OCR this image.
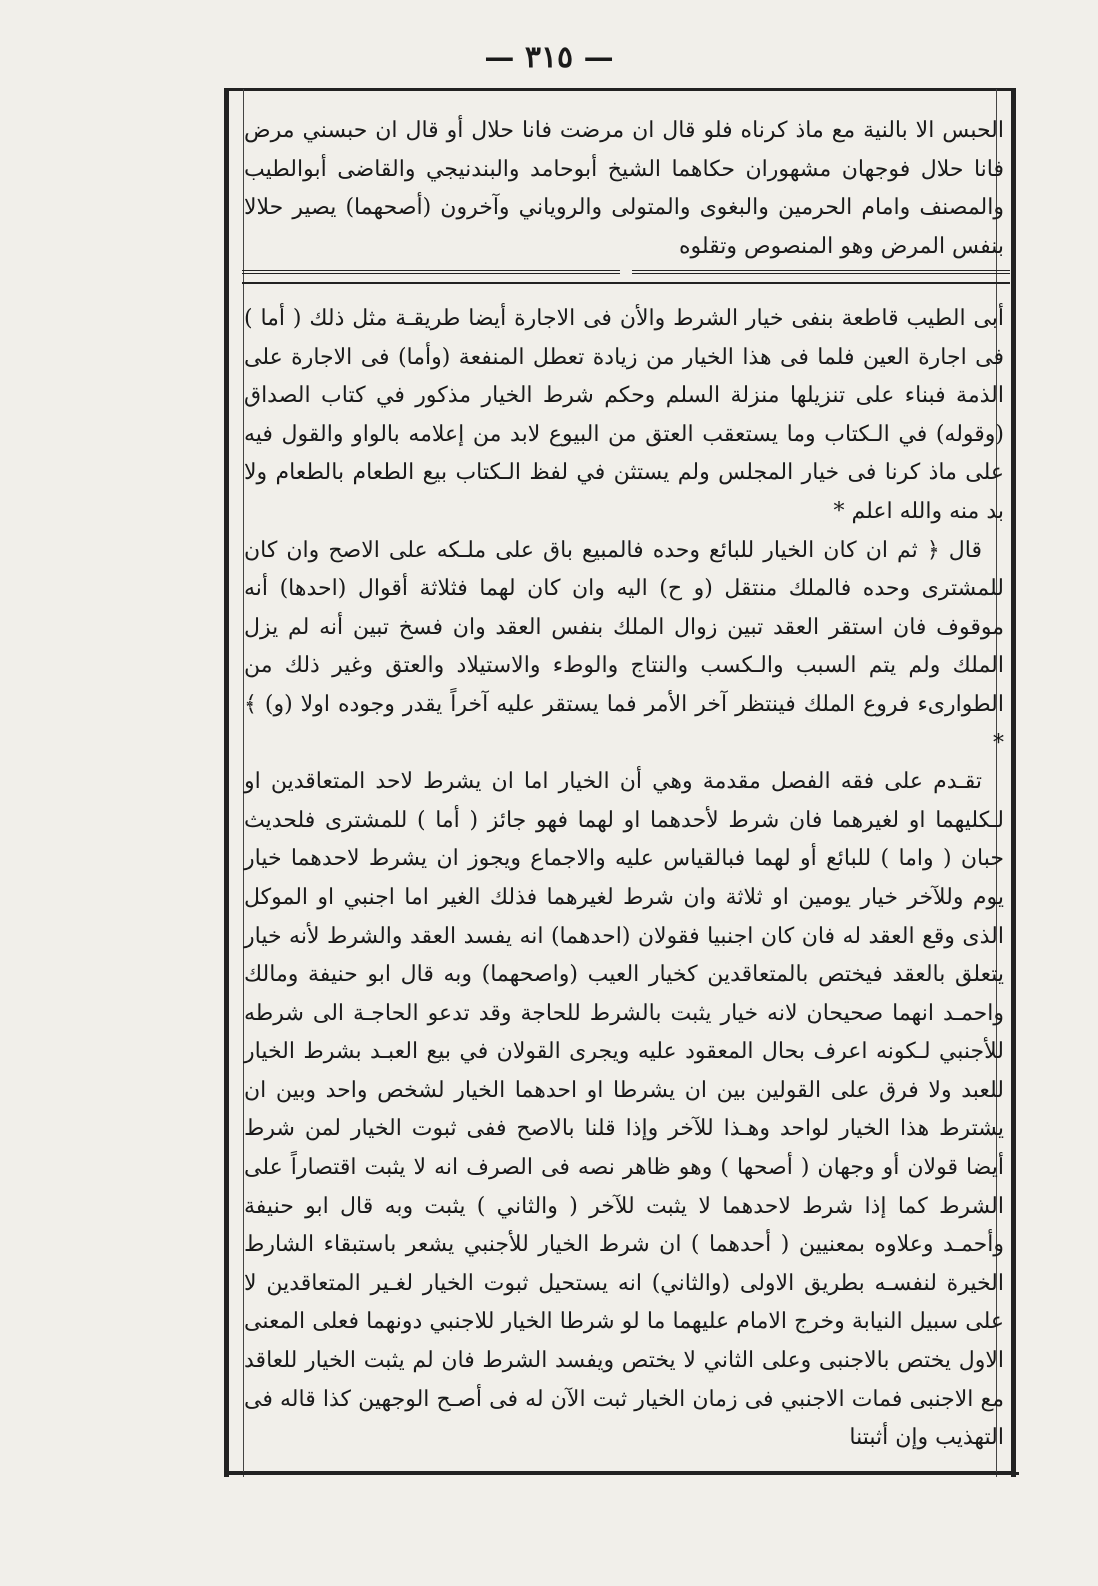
— ٣١٥ —

الحبس الا بالنية مع ماذ كرناه فلو قال ان مرضت فانا حلال أو قال ان حبسني مرض فانا حلال فوجهان مشهوران حكاهما الشيخ أبوحامد والبندنيجي والقاضى أبوالطيب والمصنف وامام الحرمين والبغوى والمتولى والروياني وآخرون (أصحهما) يصير حلالا بنفس المرض وهو المنصوص وتقلوه

أبى الطيب قاطعة بنفى خيار الشرط والأن فى الاجارة أيضا طريقـة مثل ذلك ( أما ) فى اجارة العين فلما فى هذا الخيار من زيادة تعطل المنفعة (وأما) فى الاجارة على الذمة فبناء على تنزيلها منزلة السلم وحكم شرط الخيار مذكور في كتاب الصداق (وقوله) في الـكتاب وما يستعقب العتق من البيوع لابد من إعلامه بالواو والقول فيه على ماذ كرنا فى خيار المجلس ولم يستثن في لفظ الـكتاب بيع الطعام بالطعام ولا بد منه والله اعلم *

قال ﴿ ثم ان كان الخيار للبائع وحده فالمبيع باق على ملـكه على الاصح وان كان للمشترى وحده فالملك منتقل (و ح) اليه وان كان لهما فثلاثة أقوال (احدها) أنه موقوف فان استقر العقد تبين زوال الملك بنفس العقد وان فسخ تبين أنه لم يزل الملك ولم يتم السبب والـكسب والنتاج والوطء والاستيلاد والعتق وغير ذلك من الطوارىء فروع الملك فينتظر آخر الأمر فما يستقر عليه آخراً يقدر وجوده اولا (و) ﴾ *

تقـدم على فقه الفصل مقدمة وهي أن الخيار اما ان يشرط لاحد المتعاقدين او لـكليهما او لغيرهما فان شرط لأحدهما او لهما فهو جائز ( أما ) للمشترى فلحديث حبان ( واما ) للبائع أو لهما فبالقياس عليه والاجماع ويجوز ان يشرط لاحدهما خيار يوم وللآخر خيار يومين او ثلاثة وان شرط لغيرهما فذلك الغير اما اجنبي او الموكل الذى وقع العقد له فان كان اجنبيا فقولان (احدهما) انه يفسد العقد والشرط لأنه خيار يتعلق بالعقد فيختص بالمتعاقدين كخيار العيب (واصحهما) وبه قال ابو حنيفة ومالك واحمـد انهما صحيحان لانه خيار يثبت بالشرط للحاجة وقد تدعو الحاجـة الى شرطه للأجنبي لـكونه اعرف بحال المعقود عليه ويجرى القولان في بيع العبـد بشرط الخيار للعبد ولا فرق على القولين بين ان يشرطا او احدهما الخيار لشخص واحد وبين ان يشترط هذا الخيار لواحد وهـذا للآخر وإذا قلنا بالاصح ففى ثبوت الخيار لمن شرط أيضا قولان أو وجهان ( أصحها ) وهو ظاهر نصه فى الصرف انه لا يثبت اقتصاراً على الشرط كما إذا شرط لاحدهما لا يثبت للآخر ( والثاني ) يثبت وبه قال ابو حنيفة وأحمـد وعلاوه بمعنيين ( أحدهما ) ان شرط الخيار للأجنبي يشعر باستبقاء الشارط الخيرة لنفسـه بطريق الاولى (والثاني) انه يستحيل ثبوت الخيار لغـير المتعاقدين لا على سبيل النيابة وخرج الامام عليهما ما لو شرطا الخيار للاجنبي دونهما فعلى المعنى الاول يختص بالاجنبى وعلى الثاني لا يختص ويفسد الشرط فان لم يثبت الخيار للعاقد مع الاجنبى فمات الاجنبي فى زمان الخيار ثبت الآن له فى أصـح الوجهين كذا قاله فى التهذيب وإن أثبتنا
